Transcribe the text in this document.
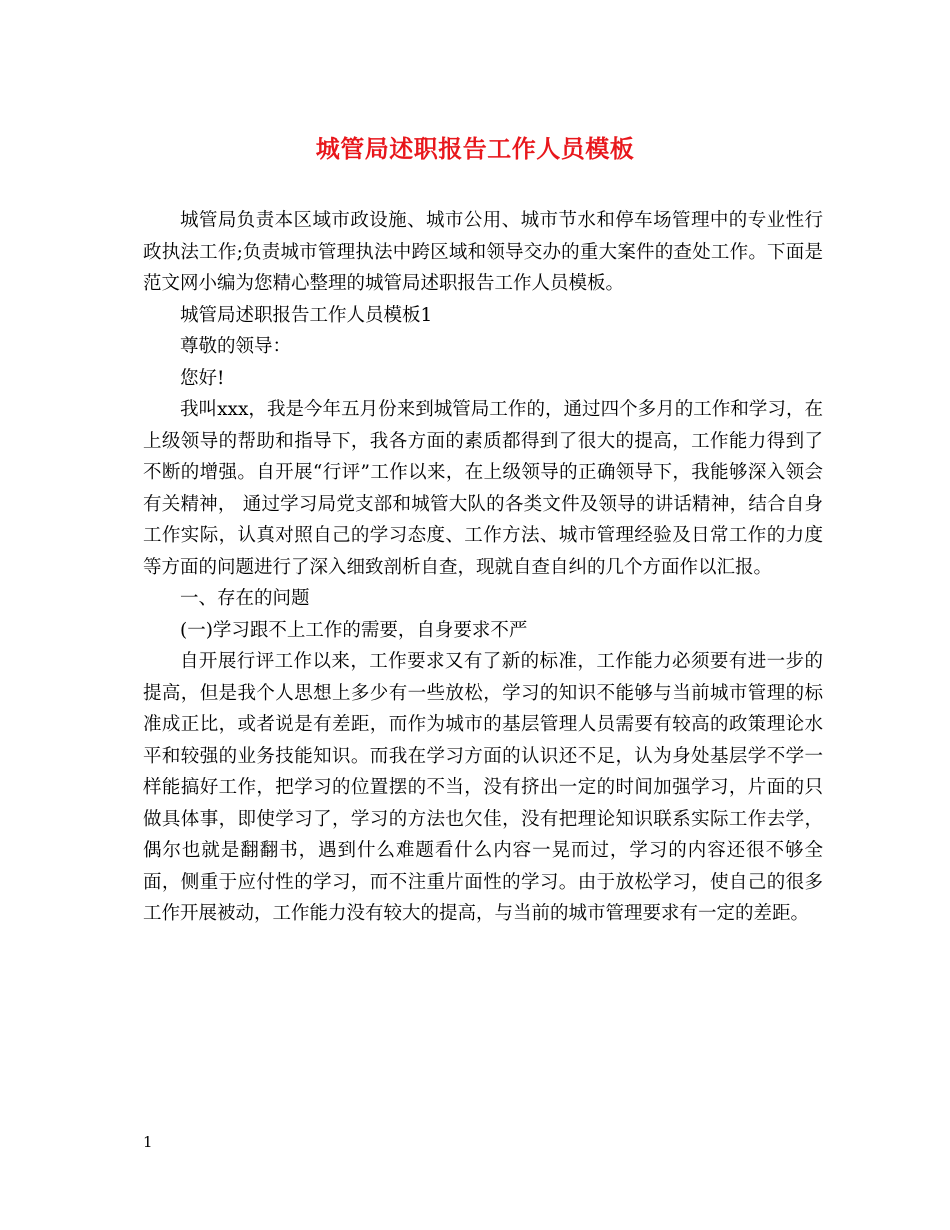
城管局述职报告工作人员模板

城管局负责本区域市政设施、城市公用、城市节水和停车场管理中的专业性行政执法工作;负责城市管理执法中跨区域和领导交办的重大案件的查处工作。下面是范文网小编为您精心整理的城管局述职报告工作人员模板。

城管局述职报告工作人员模板1

尊敬的领导：

您好!

我叫xxx，我是今年五月份来到城管局工作的，通过四个多月的工作和学习，在上级领导的帮助和指导下，我各方面的素质都得到了很大的提高，工作能力得到了不断的增强。自开展“行评”工作以来，在上级领导的正确领导下，我能够深入领会有关精神， 通过学习局党支部和城管大队的各类文件及领导的讲话精神，结合自身工作实际，认真对照自己的学习态度、工作方法、城市管理经验及日常工作的力度等方面的问题进行了深入细致剖析自查，现就自查自纠的几个方面作以汇报。

一、存在的问题

(一)学习跟不上工作的需要，自身要求不严

自开展行评工作以来，工作要求又有了新的标准，工作能力必须要有进一步的提高，但是我个人思想上多少有一些放松，学习的知识不能够与当前城市管理的标准成正比，或者说是有差距，而作为城市的基层管理人员需要有较高的政策理论水平和较强的业务技能知识。而我在学习方面的认识还不足，认为身处基层学不学一样能搞好工作，把学习的位置摆的不当，没有挤出一定的时间加强学习，片面的只做具体事，即使学习了，学习的方法也欠佳，没有把理论知识联系实际工作去学，偶尔也就是翻翻书，遇到什么难题看什么内容一晃而过，学习的内容还很不够全面，侧重于应付性的学习，而不注重片面性的学习。由于放松学习，使自己的很多工作开展被动，工作能力没有较大的提高，与当前的城市管理要求有一定的差距。

1
